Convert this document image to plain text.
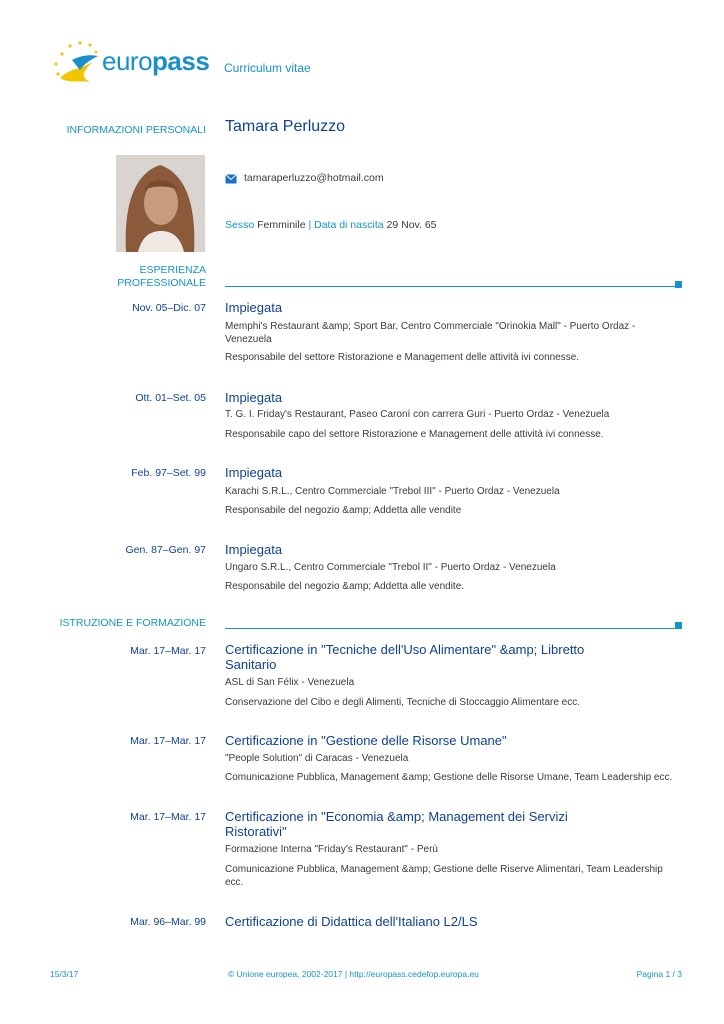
europass Curriculum vitae
INFORMAZIONI PERSONALI Tamara Perluzzo
tamaraperluzzo@hotmail.com
Sesso Femminile | Data di nascita 29 Nov. 65
ESPERIENZA
PROFESSIONALE
Nov. 05–Dic. 07 Impiegata
Memphi's Restaurant &amp; Sport Bar, Centro Commerciale "Orinokia Mall" - Puerto Ordaz -
Venezuela
Responsabile del settore Ristorazione e Management delle attività ivi connesse.
Ott. 01–Set. 05 Impiegata
T. G. I. Friday's Restaurant, Paseo Caroní con carrera Guri - Puerto Ordaz - Venezuela
Responsabile capo del settore Ristorazione e Management delle attività ivi connesse.
Feb. 97–Set. 99 Impiegata
Karachi S.R.L., Centro Commerciale "Trebol III" - Puerto Ordaz - Venezuela
Responsabile del negozio &amp; Addetta alle vendite
Gen. 87–Gen. 97 Impiegata
Ungaro S.R.L., Centro Commerciale "Trebol II" - Puerto Ordaz - Venezuela
Responsabile del negozio &amp; Addetta alle vendite.
ISTRUZIONE E FORMAZIONE
Mar. 17–Mar. 17 Certificazione in "Tecniche dell'Uso Alimentare" &amp; Libretto
Sanitario
ASL di San Félix - Venezuela
Conservazione del Cibo e degli Alimenti, Tecniche di Stoccaggio Alimentare ecc.
Mar. 17–Mar. 17 Certificazione in "Gestione delle Risorse Umane"
"People Solution" di Caracas - Venezuela
Comunicazione Pubblica, Management &amp; Gestione delle Risorse Umane, Team Leadership ecc.
Mar. 17–Mar. 17 Certificazione in "Economia &amp; Management dei Servizi
Ristorativi"
Formazione Interna "Friday's Restaurant" - Perù
Comunicazione Pubblica, Management &amp; Gestione delle Riserve Alimentari, Team Leadership
ecc.
Mar. 96–Mar. 99 Certificazione di Didattica dell'Italiano L2/LS
15/3/17	© Unione europea, 2002-2017 | http://europass.cedefop.europa.eu	Pagina 1 / 3
